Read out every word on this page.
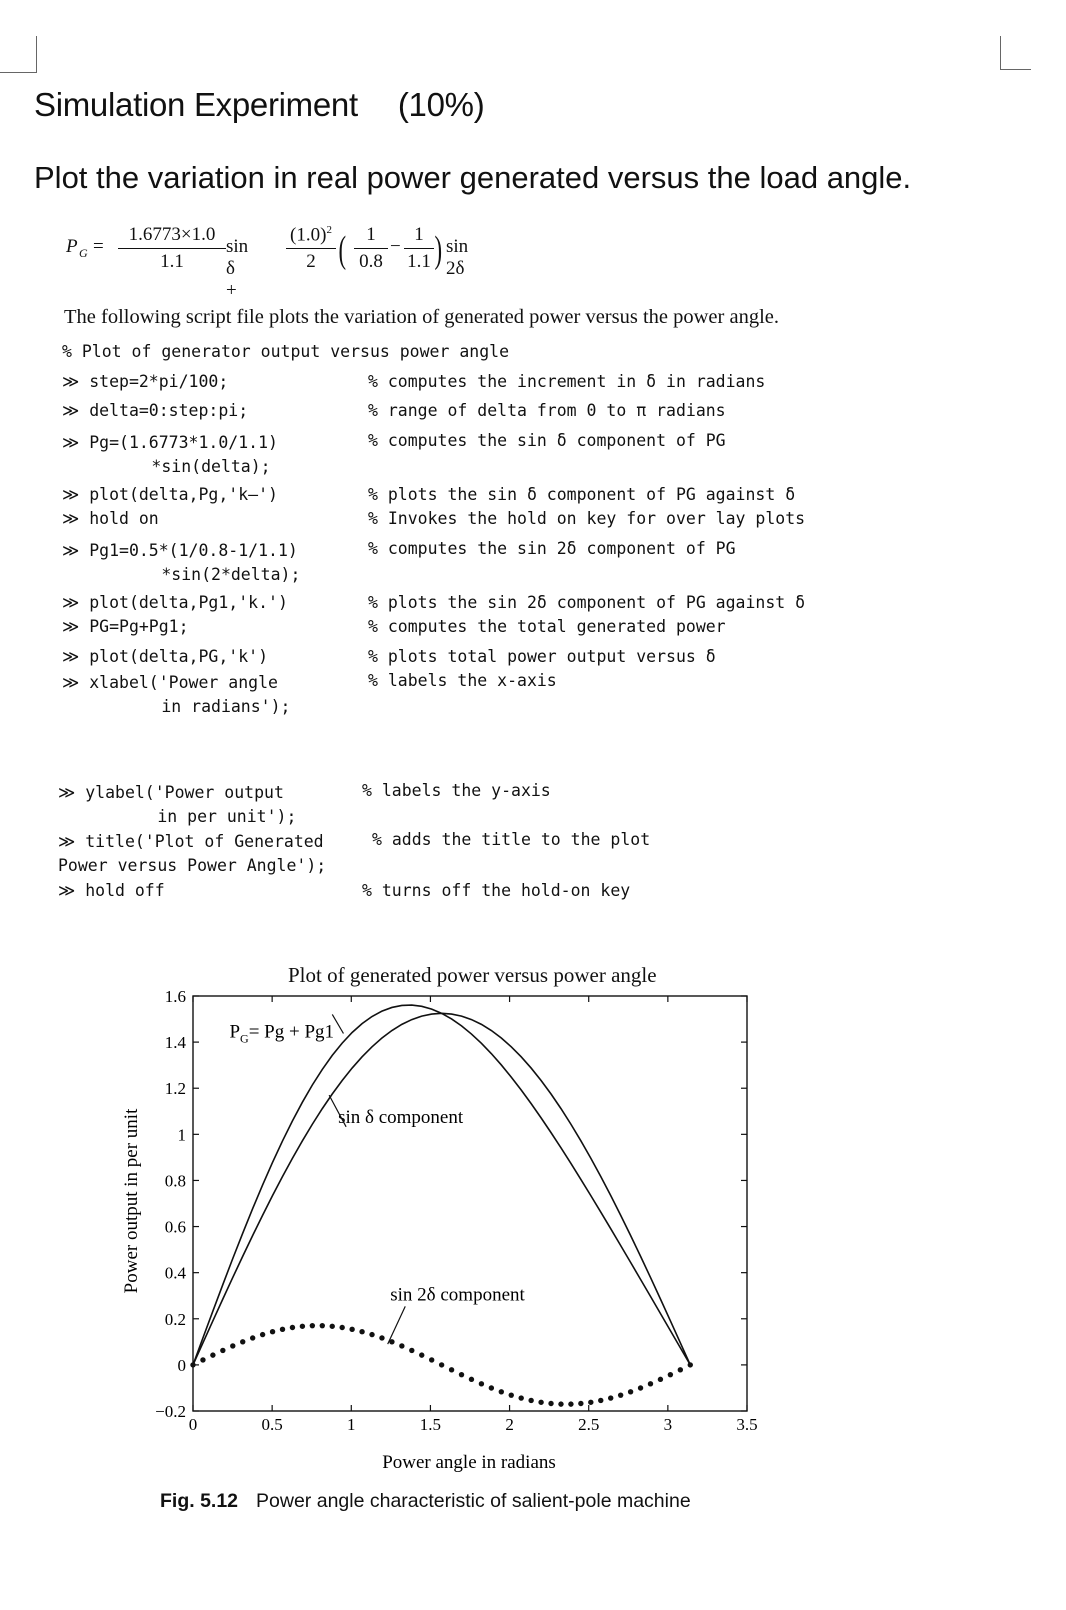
Simulation Experiment (10%)
Plot the variation in real power generated versus the load angle.
P G =
1.6773×1.0
1.1
sin δ +
$(1.0)^2$
2 (	1
0.8
−
1
1.1 ) sin 2δ
The following script file plots the variation of generated power versus the power angle.
% Plot of generator output versus power angle
≫ step=2*pi/100;	% computes the increment in δ in radians
≫ delta=0:step:pi;	% range of delta from 0 to π radians
≫ Pg=(1.6773*1.0/1.1)
*sin(delta);
% computes the sin δ component of PG
≫ plot(delta,Pg,'k–')	% plots the sin δ component of PG against δ
≫ hold on	% Invokes the hold on key for over lay plots
≫ Pg1=0.5*(1/0.8-1/1.1)
*sin(2*delta);
% computes the sin 2δ component of PG
≫ plot(delta,Pg1,'k.')	% plots the sin 2δ component of PG against δ
≫ PG=Pg+Pg1;	% computes the total generated power
≫ plot(delta,PG,'k')	% plots total power output versus δ
≫ xlabel('Power angle
in radians');
% labels the x-axis
≫ ylabel('Power output
in per unit');
% labels the y-axis
≫ title('Plot of Generated
Power versus Power Angle');
% adds the title to the plot
≫ hold off	% turns off the hold-on key
Plot of generated power versus power angle
0	0.5	1	1.5	2	2.5	3	3.5
−0.2
0
0.2
0.4
0.6
0.8
1
1.2
1.4
1.6
$P_G= Pg + Pg1$
sin δ component
sin 2δ component
Power output in per unit
Power angle in radians
Fig. 5.12 Power angle characteristic of salient-pole machine
